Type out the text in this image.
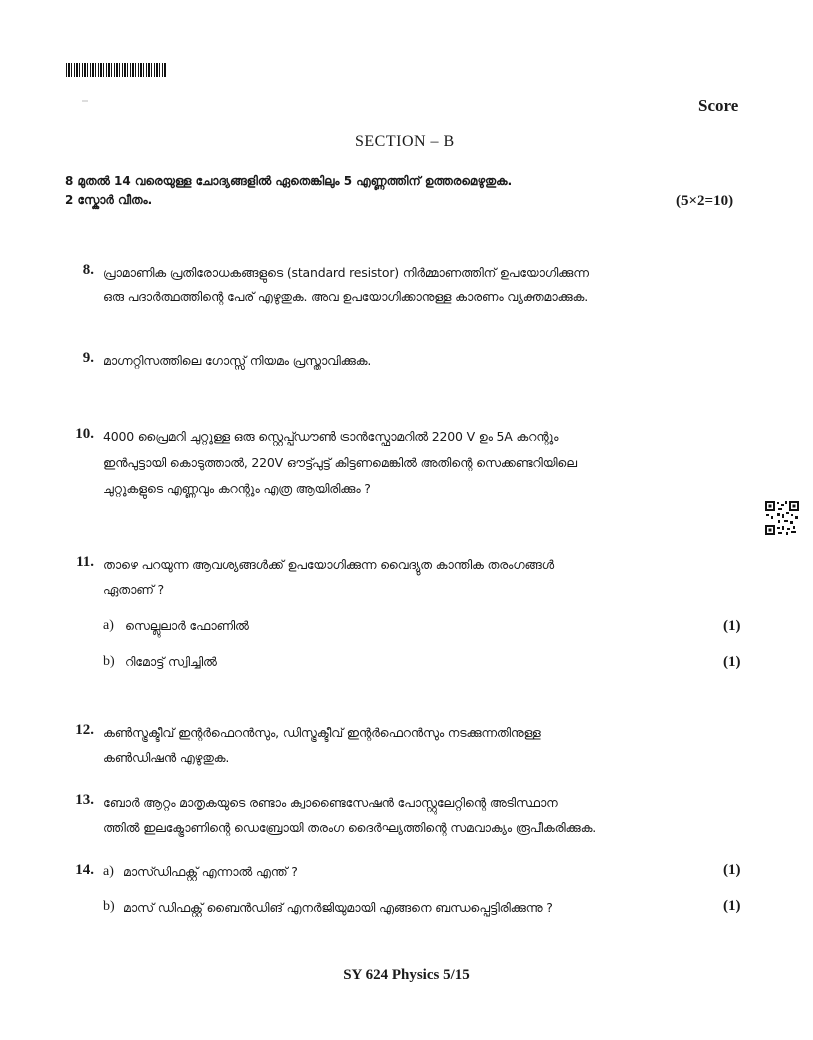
Score
SECTION – B
8 മുതൽ 14 വരെയുള്ള ചോദ്യങ്ങളിൽ ഏതെങ്കിലും 5 എണ്ണത്തിന് ഉത്തരമെഴുതുക.
2 സ്കോർ വീതം.	(5×2=10)
8. പ്രാമാണിക പ്രതിരോധകങ്ങളുടെ (standard resistor) നിർമ്മാണത്തിന് ഉപയോഗിക്കുന്ന
ഒരു പദാർത്ഥത്തിന്റെ പേര് എഴുതുക. അവ ഉപയോഗിക്കാനുള്ള കാരണം വ്യക്തമാക്കുക.
9. മാഗ്നറ്റിസത്തിലെ ഗോസ്സ് നിയമം പ്രസ്താവിക്കുക.
10. 4000 പ്രൈമറി ചുറ്റുള്ള ഒരു സ്റ്റെപ്പ്ഡൗൺ ട്രാൻസ്ഫോമറിൽ 2200 V ഉം 5A കറന്റും
ഇൻപുട്ടായി കൊടുത്താൽ, 220V ഔട്ട്പുട്ട് കിട്ടണമെങ്കിൽ അതിന്റെ സെക്കണ്ടറിയിലെ
ചുറ്റുകളുടെ എണ്ണവും കറന്റും എത്ര ആയിരിക്കും ?
11. താഴെ പറയുന്ന ആവശ്യങ്ങൾക്ക് ഉപയോഗിക്കുന്ന വൈദ്യുത കാന്തിക തരംഗങ്ങൾ
ഏതാണ് ?
a) സെല്ലുലാർ ഫോണിൽ	(1)
b) റിമോട്ട് സ്വിച്ചിൽ	(1)
12. കൺസ്ട്രക്ടീവ് ഇന്റർഫെറൻസും, ഡിസ്ട്രക്ടീവ് ഇന്റർഫെറൻസും നടക്കുന്നതിനുള്ള
കൺഡിഷൻ എഴുതുക.
13. ബോർ ആറ്റം മാതൃകയുടെ രണ്ടാം ക്വാണ്ടൈസേഷൻ പോസ്റ്റുലേറ്റിന്റെ അടിസ്ഥാന
ത്തിൽ ഇലക്ട്രോണിന്റെ ഡെബ്രോയി തരംഗ ദൈർഘ്യത്തിന്റെ സമവാക്യം രൂപീകരിക്കുക.
14. a) മാസ്ഡിഫക്റ്റ് എന്നാൽ എന്ത് ?	(1)
b) മാസ് ഡിഫക്റ്റ് ബൈൻഡിങ് എനർജിയുമായി എങ്ങനെ ബന്ധപ്പെട്ടിരിക്കുന്നു ?	(1)
SY 624 Physics 5/15
